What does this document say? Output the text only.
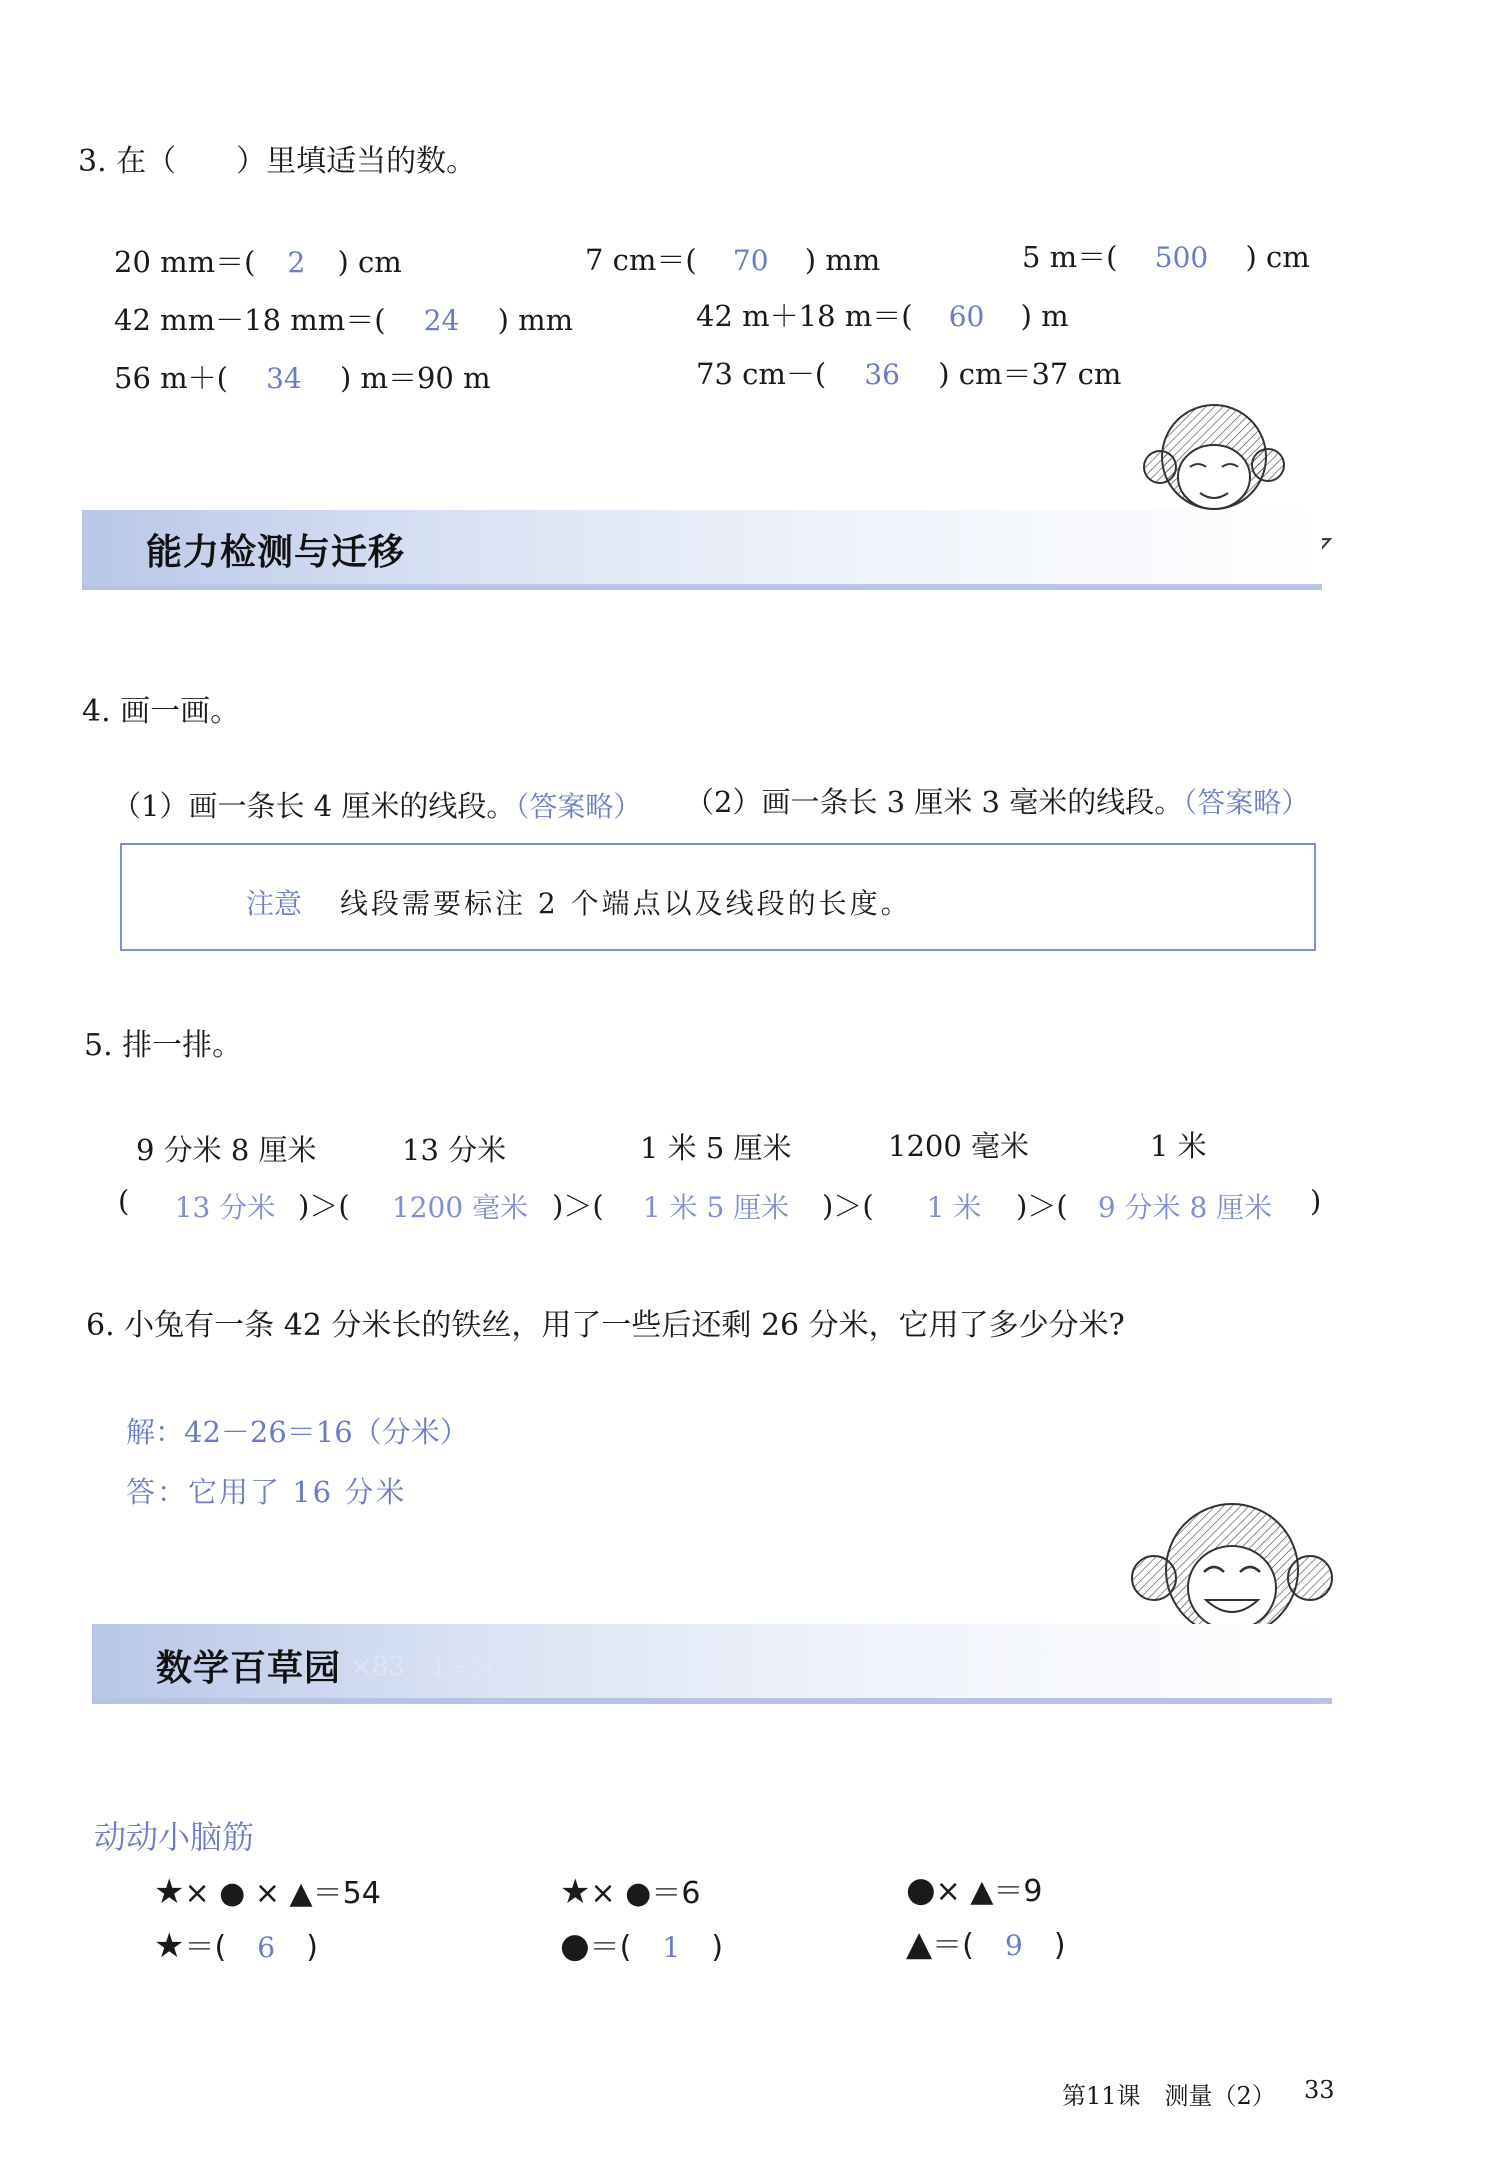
3. 在（　　）里填适当的数。
20 mm＝( 2 ) cm	7 cm＝( 70 ) mm	5 m＝( 500 ) cm
42 mm－18 mm＝( 24 ) mm	42 m＋18 m＝( 60 ) m
56 m＋( 34 ) m＝90 m	73 cm－( 36 ) cm＝37 cm
能力检测与迁移
4. 画一画。
（1）画一条长 4 厘米的线段。（答案略） （2）画一条长 3 厘米 3 毫米的线段。（答案略）
注意 线段需要标注 2 个端点以及线段的长度。
5. 排一排。
9 分米 8 厘米	13 分米	1 米 5 厘米	1200 毫米	1 米
(	13 分米 )＞(	1200 毫米 )＞(	1 米 5 厘米	)＞(	1 米	)＞( 9 分米 8 厘米 )
6. 小兔有一条 42 分米长的铁丝，用了一些后还剩 26 分米，它用了多少分米?
解：42－26＝16（分米）
答：它用了 16 分米
×83　1÷56
数学百草园
动动小脑筋
★× ● × ▲＝54	★× ●＝6	●× ▲＝9
★＝( 6 )	●＝( 1 )	▲＝( 9 )
第11课　测量（2） 33
